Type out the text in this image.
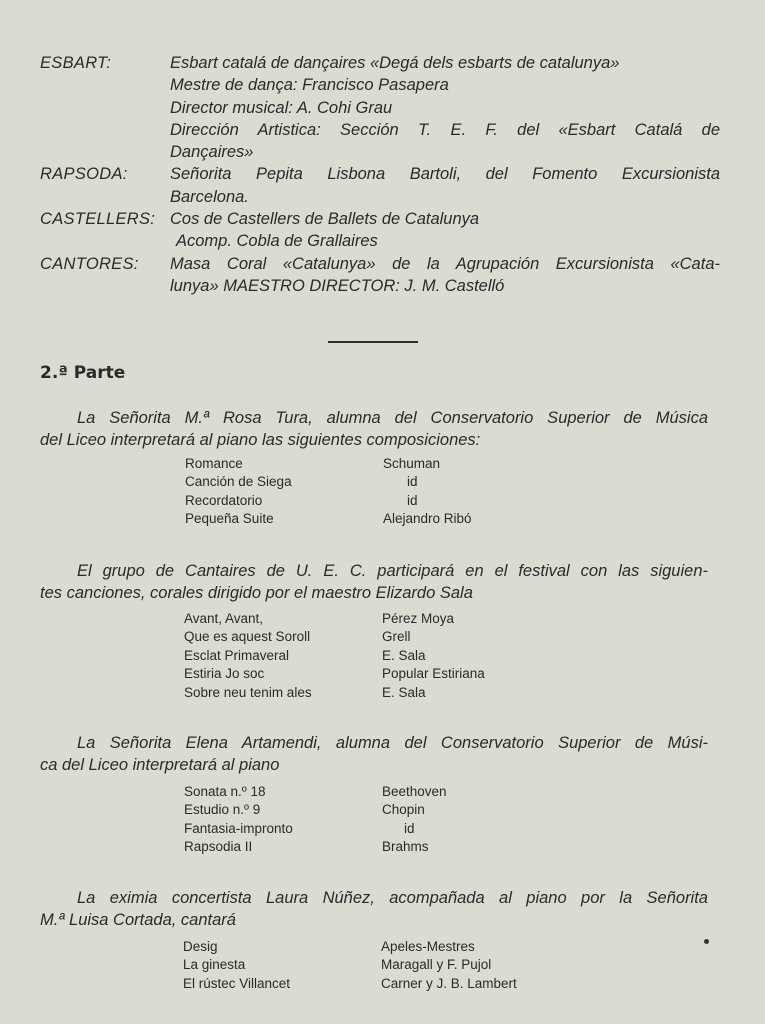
ESBART:	Esbart catalá de dançaires «Degá dels esbarts de catalunya»
Mestre de dança: Francisco Pasapera
Director musical: A. Cohi Grau
Dirección Artistica: Sección T. E. F. del «Esbart Catalá de
Dançaires»
RAPSODA:	Señorita Pepita Lisbona Bartoli, del Fomento Excursionista
Barcelona.
CASTELLERS: Cos de Castellers de Ballets de Catalunya
Acomp. Cobla de Grallaires
CANTORES:	Masa Coral «Catalunya» de la Agrupación Excursionista «Cata-
lunya» MAESTRO DIRECTOR: J. M. Castelló
2.ª Parte

La Señorita M.ª Rosa Tura, alumna del Conservatorio Superior de Música

del Liceo interpretará al piano las siguientes composiciones:

Romance	Schuman
Canción de Siega	id
Recordatorio	id
Pequeña Suite	Alejandro Ribó

El grupo de Cantaires de U. E. C. participará en el festival con las siguien-

tes canciones, corales dirigido por el maestro Elizardo Sala

Avant, Avant,	Pérez Moya
Que es aquest Soroll	Grell
Esclat Primaveral	E. Sala
Estiria Jo soc	Popular Estiriana
Sobre neu tenim ales	E. Sala

La Señorita Elena Artamendi, alumna del Conservatorio Superior de Músi-

ca del Liceo interpretará al piano

Sonata n.º 18	Beethoven
Estudio n.º 9	Chopin
Fantasia-impronto	id
Rapsodia II	Brahms

La eximia concertista Laura Núñez, acompañada al piano por la Señorita

M.ª Luisa Cortada, cantará

Desig	Apeles-Mestres
La ginesta	Maragall y F. Pujol
El rústec Villancet	Carner y J. B. Lambert
